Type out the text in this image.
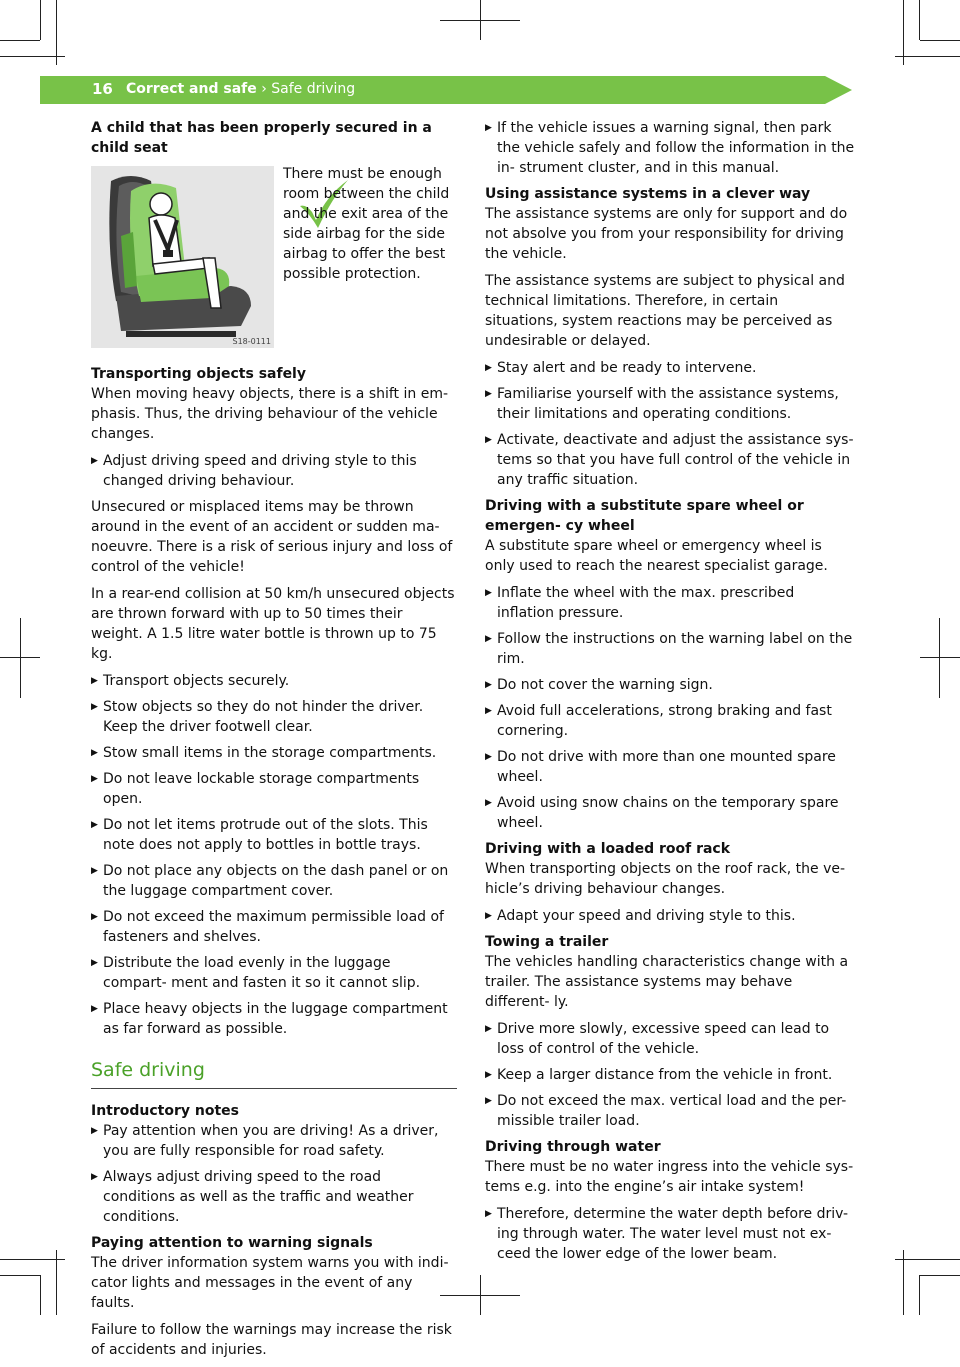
16 Correct and safe › Safe driving
A child that has been properly secured in a child seat
S18-0111
There must be enough room between the child and the exit area of the side airbag for the side airbag to offer the best possible protection.
Transporting objects safely

When moving heavy objects, there is a shift in em- phasis. Thus, the driving behaviour of the vehicle changes.

▶ Adjust driving speed and driving style to this changed driving behaviour.

Unsecured or misplaced items may be thrown around in the event of an accident or sudden ma- noeuvre. There is a risk of serious injury and loss of control of the vehicle!

In a rear-end collision at 50 km/h unsecured objects are thrown forward with up to 50 times their weight. A 1.5 litre water bottle is thrown up to 75 kg.

▶ Transport objects securely.
▶ Stow objects so they do not hinder the driver. Keep the driver footwell clear.
▶ Stow small items in the storage compartments.
▶ Do not leave lockable storage compartments open.
▶ Do not let items protrude out of the slots. This note does not apply to bottles in bottle trays.
▶ Do not place any objects on the dash panel or on the luggage compartment cover.
▶ Do not exceed the maximum permissible load of fasteners and shelves.
▶ Distribute the load evenly in the luggage compart- ment and fasten it so it cannot slip.
▶ Place heavy objects in the luggage compartment as far forward as possible.
Safe driving
Introductory notes
▶ Pay attention when you are driving! As a driver, you are fully responsible for road safety.
▶ Always adjust driving speed to the road conditions as well as the traffic and weather conditions.
Paying attention to warning signals

The driver information system warns you with indi- cator lights and messages in the event of any faults.

Failure to follow the warnings may increase the risk of accidents and injuries.

▶ If the vehicle issues a warning signal, then park the vehicle safely and follow the information in the in- strument cluster, and in this manual.
Using assistance systems in a clever way

The assistance systems are only for support and do not absolve you from your responsibility for driving the vehicle.

The assistance systems are subject to physical and technical limitations. Therefore, in certain situations, system reactions may be perceived as undesirable or delayed.

▶ Stay alert and be ready to intervene.
▶ Familiarise yourself with the assistance systems, their limitations and operating conditions.
▶ Activate, deactivate and adjust the assistance sys- tems so that you have full control of the vehicle in any traffic situation.
Driving with a substitute spare wheel or emergen- cy wheel

A substitute spare wheel or emergency wheel is only used to reach the nearest specialist garage.

▶ Inflate the wheel with the max. prescribed inflation pressure.
▶ Follow the instructions on the warning label on the rim.
▶ Do not cover the warning sign.
▶ Avoid full accelerations, strong braking and fast cornering.
▶ Do not drive with more than one mounted spare wheel.
▶ Avoid using snow chains on the temporary spare wheel.
Driving with a loaded roof rack

When transporting objects on the roof rack, the ve- hicle’s driving behaviour changes.

▶ Adapt your speed and driving style to this.
Towing a trailer

The vehicles handling characteristics change with a trailer. The assistance systems may behave different- ly.

▶ Drive more slowly, excessive speed can lead to loss of control of the vehicle.
▶ Keep a larger distance from the vehicle in front.
▶ Do not exceed the max. vertical load and the per- missible trailer load.
Driving through water

There must be no water ingress into the vehicle sys- tems e.g. into the engine’s air intake system!

▶ Therefore, determine the water depth before driv- ing through water. The water level must not ex- ceed the lower edge of the lower beam.
